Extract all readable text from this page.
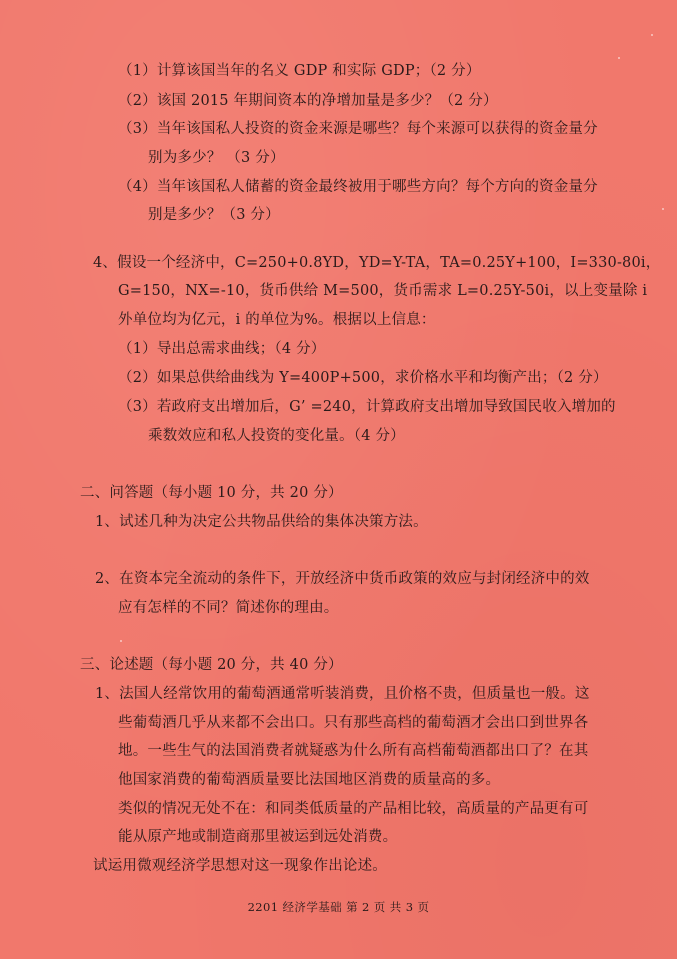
（1）计算该国当年的名义 GDP 和实际 GDP；（2 分）
（2）该国 2015 年期间资本的净增加量是多少？（2 分）
（3）当年该国私人投资的资金来源是哪些？每个来源可以获得的资金量分
别为多少？ （3 分）
（4）当年该国私人储蓄的资金最终被用于哪些方向？每个方向的资金量分
别是多少？（3 分）
4、假设一个经济中，C=250+0.8YD，YD=Y-TA，TA=0.25Y+100，I=330-80i，
G=150，NX=-10，货币供给 M=500，货币需求 L=0.25Y-50i，以上变量除 i
外单位均为亿元，i 的单位为%。根据以上信息：
（1）导出总需求曲线；（4 分）
（2）如果总供给曲线为 Y=400P+500，求价格水平和均衡产出；（2 分）
（3）若政府支出增加后，G’ =240，计算政府支出增加导致国民收入增加的
乘数效应和私人投资的变化量。（4 分）
二、问答题（每小题 10 分，共 20 分）
1、试述几种为决定公共物品供给的集体决策方法。
2、在资本完全流动的条件下，开放经济中货币政策的效应与封闭经济中的效
应有怎样的不同？简述你的理由。
三、论述题（每小题 20 分，共 40 分）
1、法国人经常饮用的葡萄酒通常听装消费，且价格不贵，但质量也一般。这
些葡萄酒几乎从来都不会出口。只有那些高档的葡萄酒才会出口到世界各
地。一些生气的法国消费者就疑惑为什么所有高档葡萄酒都出口了？在其
他国家消费的葡萄酒质量要比法国地区消费的质量高的多。
类似的情况无处不在：和同类低质量的产品相比较，高质量的产品更有可
能从原产地或制造商那里被运到远处消费。
试运用微观经济学思想对这一现象作出论述。
2201 经济学基础 第 2 页 共 3 页
